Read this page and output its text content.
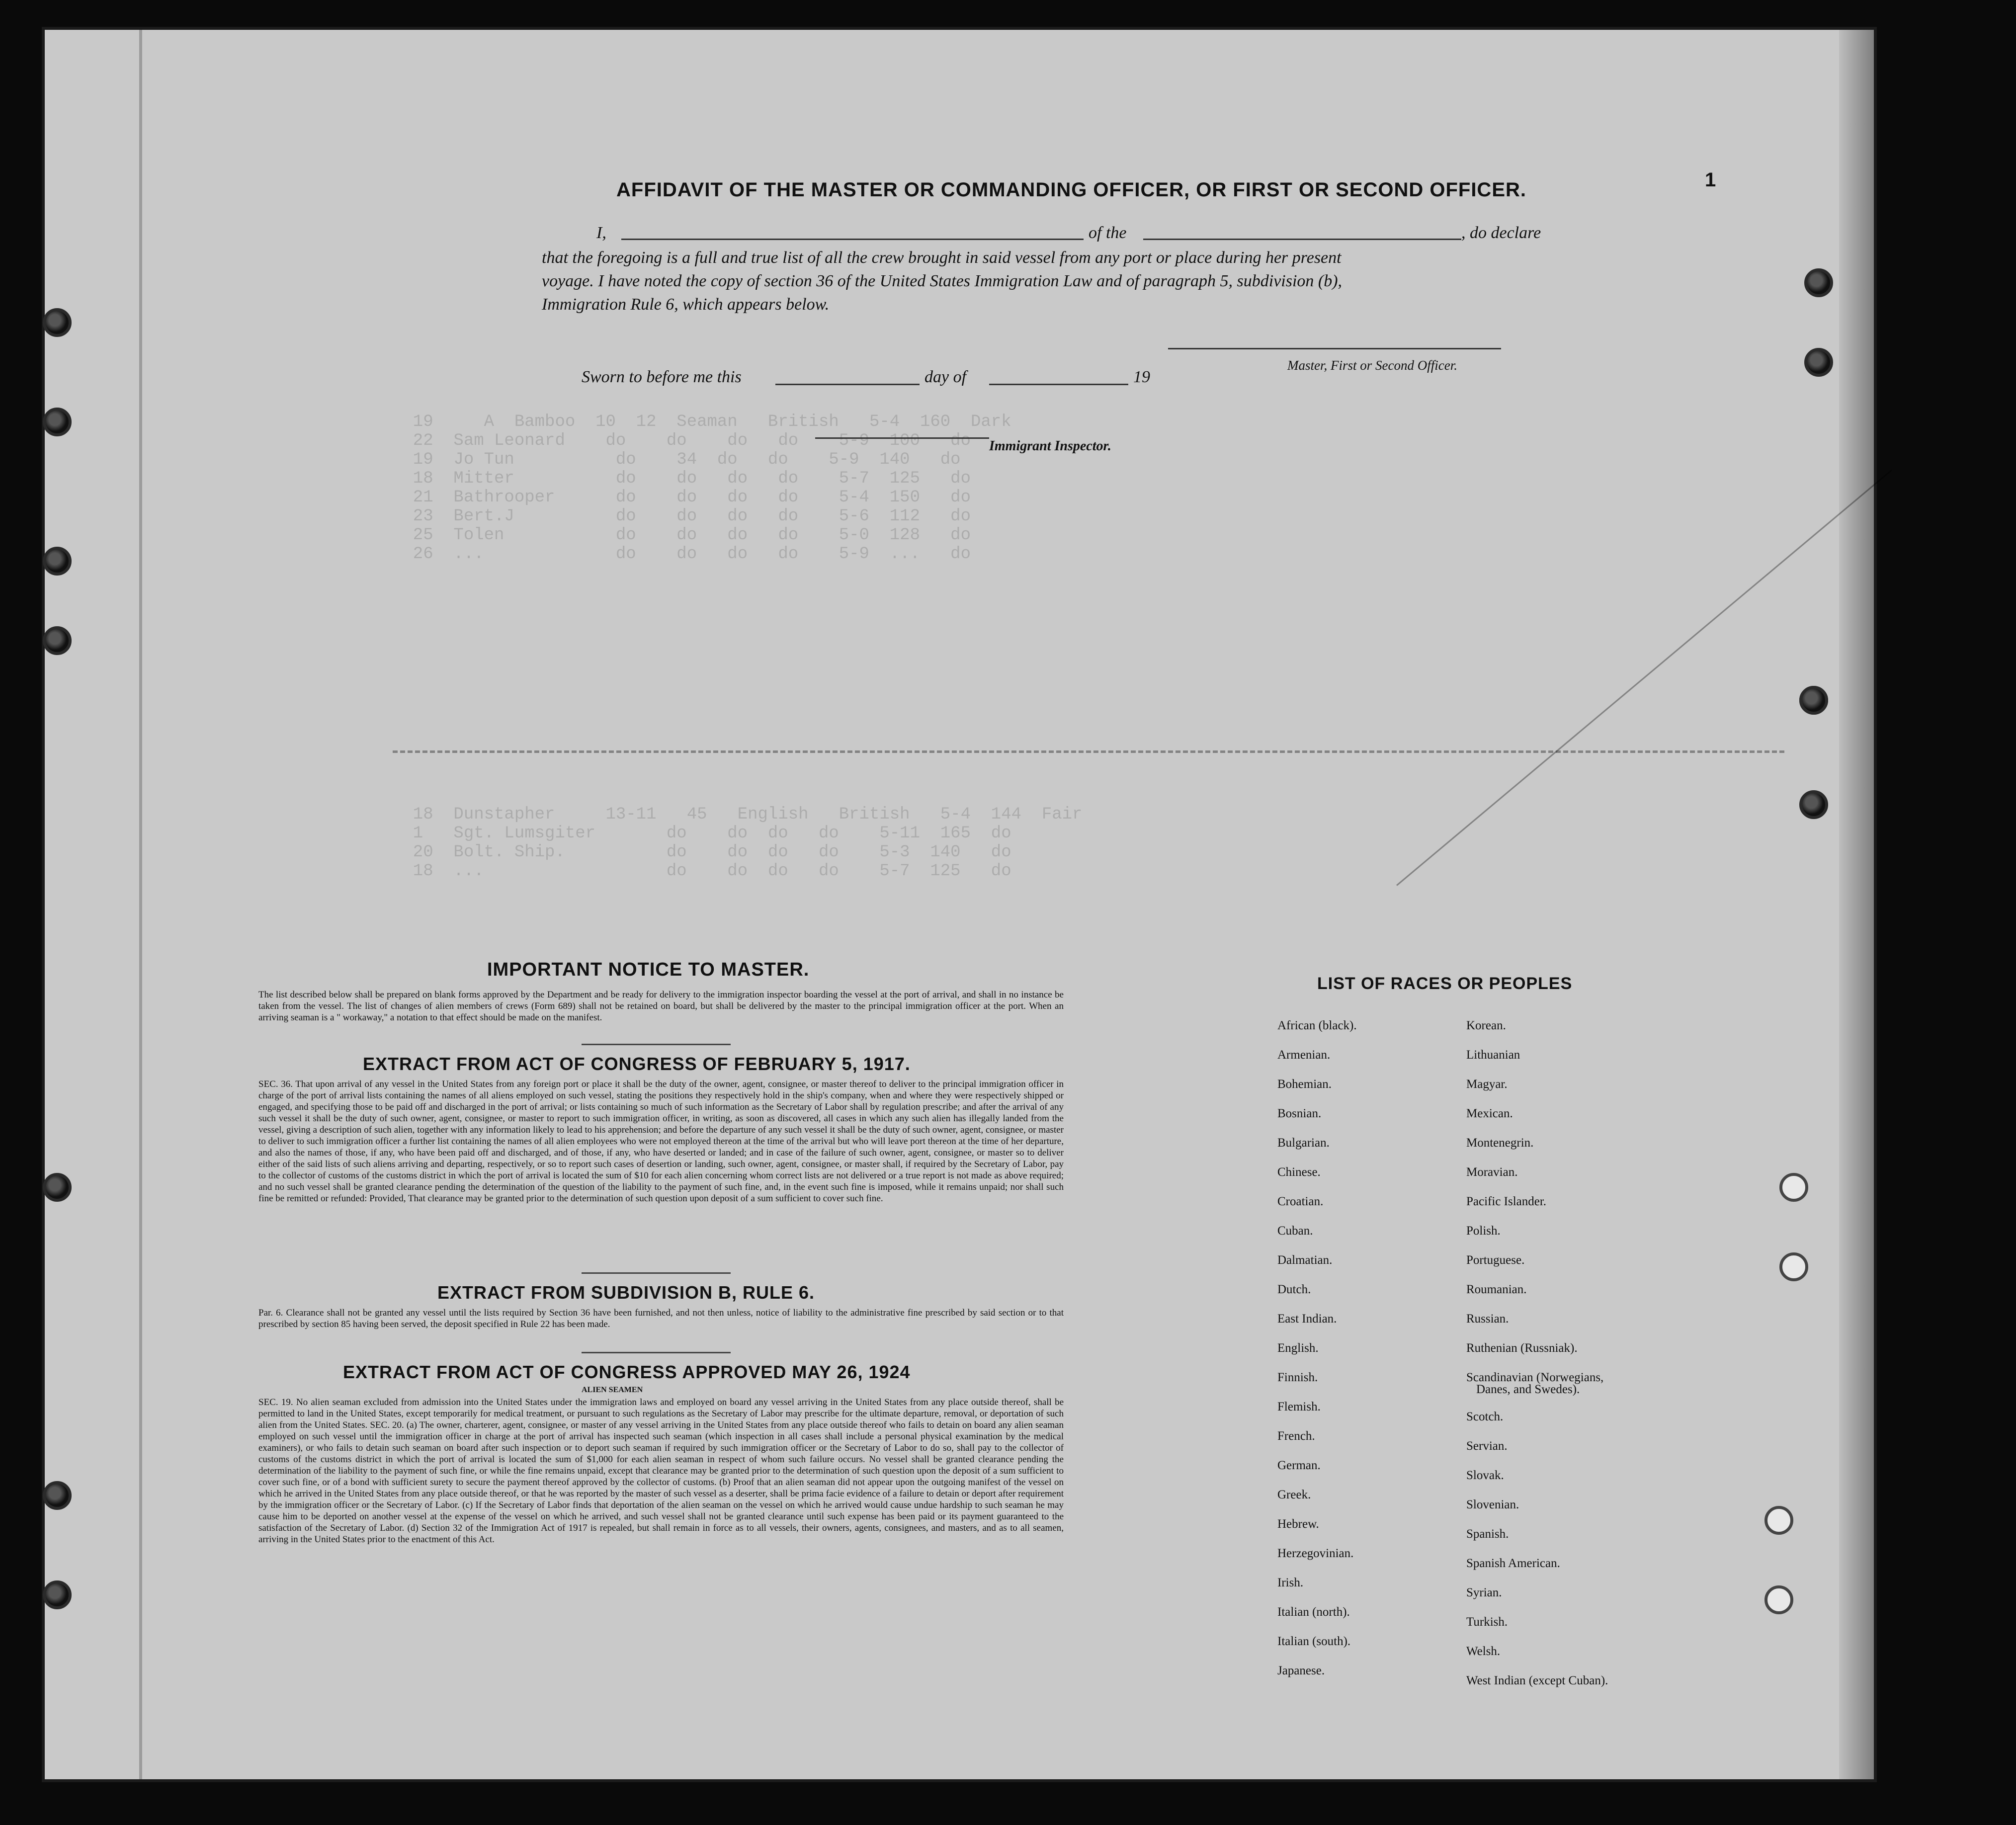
19     A  Bamboo  10  12  Seaman   British   5-4  160  Dark
22  Sam Leonard    do    do    do   do    5-9  100   do
19  Jo Tun          do    34  do   do    5-9  140   do
18  Mitter          do    do   do   do    5-7  125   do
21  Bathrooper      do    do   do   do    5-4  150   do
23  Bert.J          do    do   do   do    5-6  112   do
25  Tolen           do    do   do   do    5-0  128   do
26  ...             do    do   do   do    5-9  ...   do
18  Dunstapher     13-11   45   English   British   5-4  144  Fair
1   Sgt. Lumsgiter       do    do  do   do    5-11  165  do
20  Bolt. Ship.          do    do  do   do    5-3  140   do
18  ...                  do    do  do   do    5-7  125   do
1
AFFIDAVIT OF THE MASTER OR COMMANDING OFFICER, OR FIRST OR SECOND OFFICER.
I,	of the	, do declare
that the foregoing is a full and true list of all the crew brought in said vessel from any port or place during her present
voyage. I have noted the copy of section 36 of the United States Immigration Law and of paragraph 5, subdivision (b),
Immigration Rule 6, which appears below.
Master, First or Second Officer.
Sworn to before me this	day of	19
Immigrant Inspector.
IMPORTANT NOTICE TO MASTER.
The list described below shall be prepared on blank forms approved by the Department and be ready for delivery to the immigration inspector boarding the vessel at the port of arrival, and shall in no instance be taken from the vessel. The list of changes of alien members of crews (Form 689) shall not be retained on board, but shall be delivered by the master to the principal immigration officer at the port. When an arriving seaman is a " workaway," a notation to that effect should be made on the manifest.
EXTRACT FROM ACT OF CONGRESS OF FEBRUARY 5, 1917.
SEC. 36. That upon arrival of any vessel in the United States from any foreign port or place it shall be the duty of the owner, agent, consignee, or master thereof to deliver to the principal immigration officer in charge of the port of arrival lists containing the names of all aliens employed on such vessel, stating the positions they respectively hold in the ship's company, when and where they were respectively shipped or engaged, and specifying those to be paid off and discharged in the port of arrival; or lists containing so much of such information as the Secretary of Labor shall by regulation prescribe; and after the arrival of any such vessel it shall be the duty of such owner, agent, consignee, or master to report to such immigration officer, in writing, as soon as discovered, all cases in which any such alien has illegally landed from the vessel, giving a description of such alien, together with any information likely to lead to his apprehension; and before the departure of any such vessel it shall be the duty of such owner, agent, consignee, or master to deliver to such immigration officer a further list containing the names of all alien employees who were not employed thereon at the time of the arrival but who will leave port thereon at the time of her departure, and also the names of those, if any, who have been paid off and discharged, and of those, if any, who have deserted or landed; and in case of the failure of such owner, agent, consignee, or master so to deliver either of the said lists of such aliens arriving and departing, respectively, or so to report such cases of desertion or landing, such owner, agent, consignee, or master shall, if required by the Secretary of Labor, pay to the collector of customs of the customs district in which the port of arrival is located the sum of $10 for each alien concerning whom correct lists are not delivered or a true report is not made as above required; and no such vessel shall be granted clearance pending the determination of the question of the liability to the payment of such fine, and, in the event such fine is imposed, while it remains unpaid; nor shall such fine be remitted or refunded: Provided, That clearance may be granted prior to the determination of such question upon deposit of a sum sufficient to cover such fine.
EXTRACT FROM SUBDIVISION B, RULE 6.
Par. 6. Clearance shall not be granted any vessel until the lists required by Section 36 have been furnished, and not then unless, notice of liability to the administrative fine prescribed by said section or to that prescribed by section 85 having been served, the deposit specified in Rule 22 has been made.
EXTRACT FROM ACT OF CONGRESS APPROVED MAY 26, 1924
ALIEN SEAMEN
SEC. 19. No alien seaman excluded from admission into the United States under the immigration laws and employed on board any vessel arriving in the United States from any place outside thereof, shall be permitted to land in the United States, except temporarily for medical treatment, or pursuant to such regulations as the Secretary of Labor may prescribe for the ultimate departure, removal, or deportation of such alien from the United States. SEC. 20. (a) The owner, charterer, agent, consignee, or master of any vessel arriving in the United States from any place outside thereof who fails to detain on board any alien seaman employed on such vessel until the immigration officer in charge at the port of arrival has inspected such seaman (which inspection in all cases shall include a personal physical examination by the medical examiners), or who fails to detain such seaman on board after such inspection or to deport such seaman if required by such immigration officer or the Secretary of Labor to do so, shall pay to the collector of customs of the customs district in which the port of arrival is located the sum of $1,000 for each alien seaman in respect of whom such failure occurs. No vessel shall be granted clearance pending the determination of the liability to the payment of such fine, or while the fine remains unpaid, except that clearance may be granted prior to the determination of such question upon the deposit of a sum sufficient to cover such fine, or of a bond with sufficient surety to secure the payment thereof approved by the collector of customs. (b) Proof that an alien seaman did not appear upon the outgoing manifest of the vessel on which he arrived in the United States from any place outside thereof, or that he was reported by the master of such vessel as a deserter, shall be prima facie evidence of a failure to detain or deport after requirement by the immigration officer or the Secretary of Labor. (c) If the Secretary of Labor finds that deportation of the alien seaman on the vessel on which he arrived would cause undue hardship to such seaman he may cause him to be deported on another vessel at the expense of the vessel on which he arrived, and such vessel shall not be granted clearance until such expense has been paid or its payment guaranteed to the satisfaction of the Secretary of Labor. (d) Section 32 of the Immigration Act of 1917 is repealed, but shall remain in force as to all vessels, their owners, agents, consignees, and masters, and as to all seamen, arriving in the United States prior to the enactment of this Act.
LIST OF RACES OR PEOPLES
African (black).
Armenian.
Bohemian.
Bosnian.
Bulgarian.
Chinese.
Croatian.
Cuban.
Dalmatian.
Dutch.
East Indian.
English.
Finnish.
Flemish.
French.
German.
Greek.
Hebrew.
Herzegovinian.
Irish.
Italian (north).
Italian (south).
Japanese.
Korean.
Lithuanian
Magyar.
Mexican.
Montenegrin.
Moravian.
Pacific Islander.
Polish.
Portuguese.
Roumanian.
Russian.
Ruthenian (Russniak).
Scandinavian (Norwegians,
Danes, and Swedes).
Scotch.
Servian.
Slovak.
Slovenian.
Spanish.
Spanish American.
Syrian.
Turkish.
Welsh.
West Indian (except Cuban).
